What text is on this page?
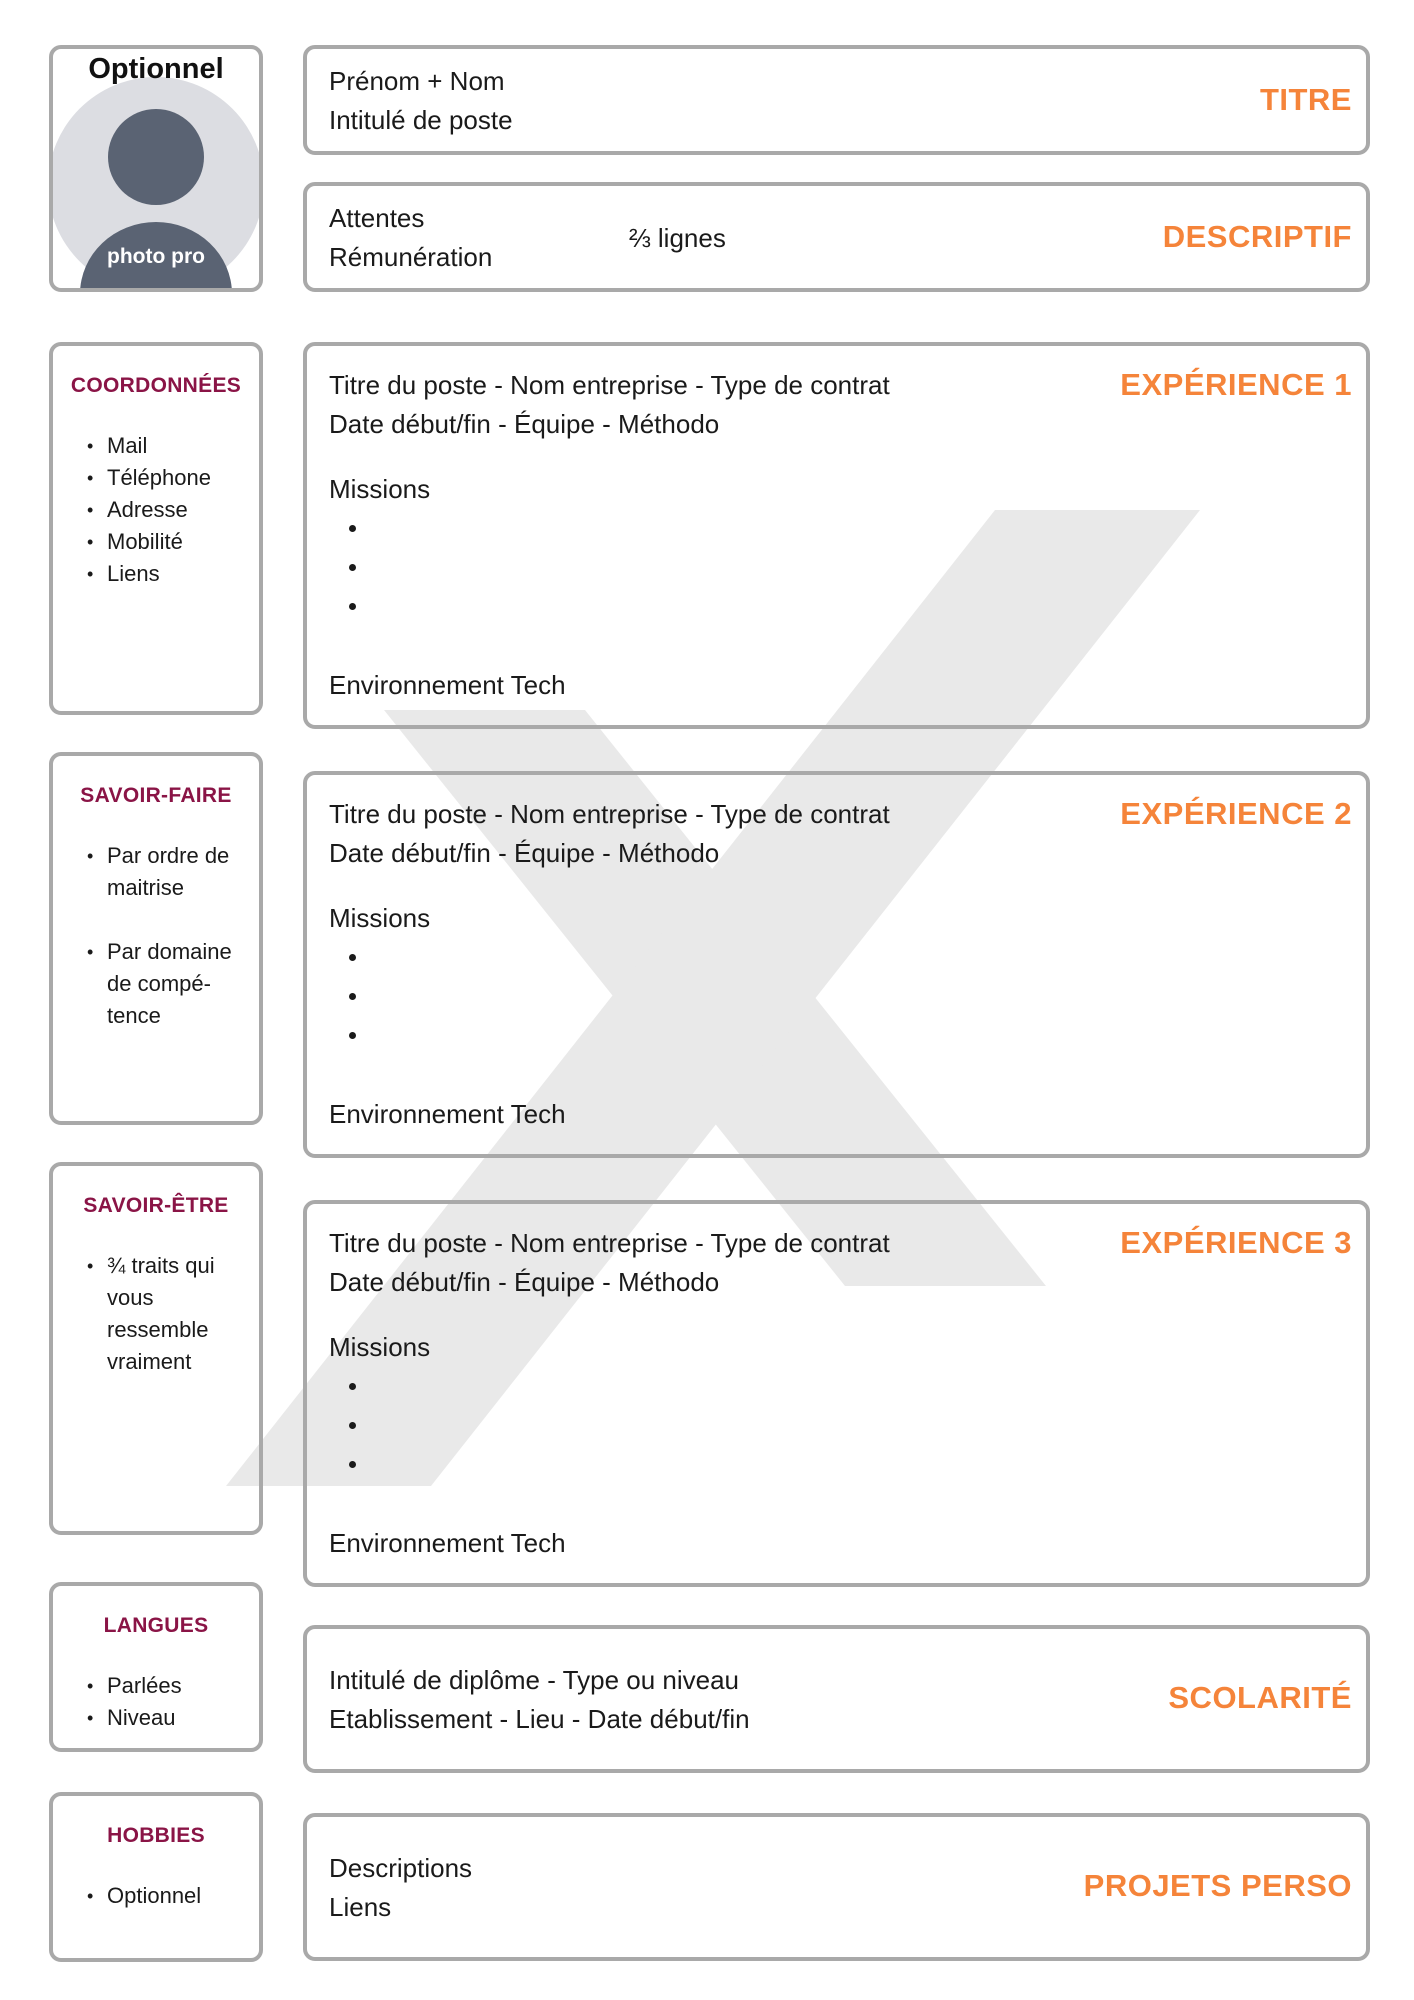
Optionnel
photo pro
Prénom + Nom
Intitulé de poste
TITRE
Attentes
Rémunération
⅔ lignes	DESCRIPTIF
COORDONNÉES
• Mail
• Téléphone
• Adresse
• Mobilité
• Liens
SAVOIR-FAIRE
• Par ordre de
maitrise
• Par domaine
de compé-
tence
SAVOIR-ÊTRE
• ¾ traits qui
vous
ressemble
vraiment
LANGUES
• Parlées
• Niveau
HOBBIES
• Optionnel
Titre du poste - Nom entreprise - Type de contrat
Date début/fin - Équipe - Méthodo
Missions
Environnement Tech
EXPÉRIENCE 1
Titre du poste - Nom entreprise - Type de contrat
Date début/fin - Équipe - Méthodo
Missions
Environnement Tech
EXPÉRIENCE 2
Titre du poste - Nom entreprise - Type de contrat
Date début/fin - Équipe - Méthodo
Missions
Environnement Tech
EXPÉRIENCE 3
Intitulé de diplôme - Type ou niveau
Etablissement - Lieu - Date début/fin
SCOLARITÉ
Descriptions
Liens
PROJETS PERSO
